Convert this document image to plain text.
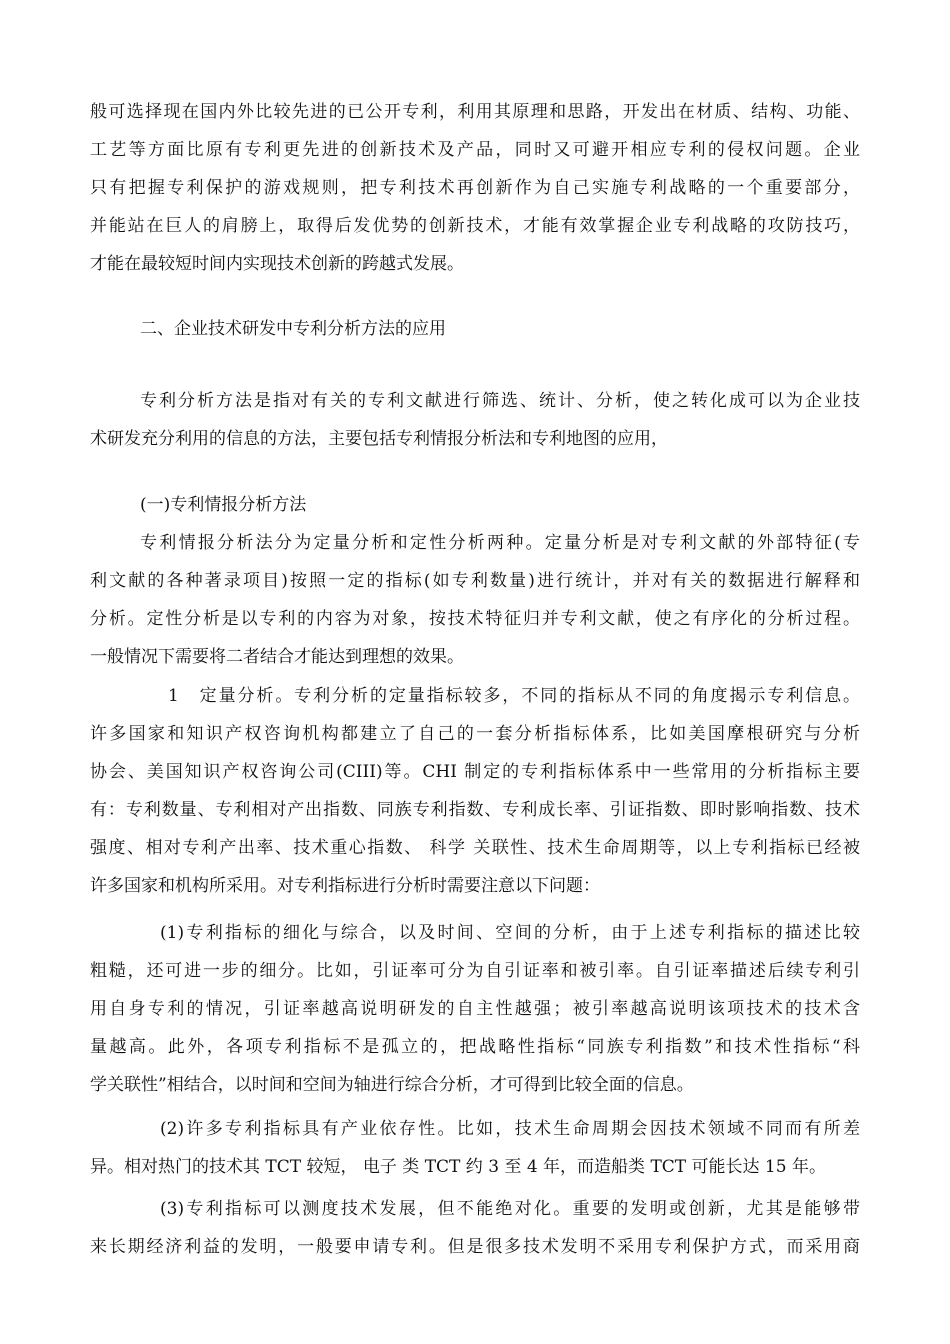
般可选择现在国内外比较先进的已公开专利，利用其原理和思路，开发出在材质、结构、功能、
工艺等方面比原有专利更先进的创新技术及产品，同时又可避开相应专利的侵权问题。企业
只有把握专利保护的游戏规则，把专利技术再创新作为自己实施专利战略的一个重要部分，
并能站在巨人的肩膀上，取得后发优势的创新技术，才能有效掌握企业专利战略的攻防技巧，
才能在最较短时间内实现技术创新的跨越式发展。
二、企业技术研发中专利分析方法的应用
专利分析方法是指对有关的专利文献进行筛选、统计、分析，使之转化成可以为企业技
术研发充分利用的信息的方法，主要包括专利情报分析法和专利地图的应用，
(一)专利情报分析方法
专利情报分析法分为定量分析和定性分析两种。定量分析是对专利文献的外部特征(专
利文献的各种著录项目)按照一定的指标(如专利数量)进行统计，并对有关的数据进行解释和
分析。定性分析是以专利的内容为对象，按技术特征归并专利文献，使之有序化的分析过程。
一般情况下需要将二者结合才能达到理想的效果。
1　定量分析。专利分析的定量指标较多，不同的指标从不同的角度揭示专利信息。
许多国家和知识产权咨询机构都建立了自己的一套分析指标体系，比如美国摩根研究与分析
协会、美国知识产权咨询公司(CIII)等。CHI 制定的专利指标体系中一些常用的分析指标主要
有：专利数量、专利相对产出指数、同族专利指数、专利成长率、引证指数、即时影响指数、技术
强度、相对专利产出率、技术重心指数、 科学 关联性、技术生命周期等，以上专利指标已经被
许多国家和机构所采用。对专利指标进行分析时需要注意以下问题：
(1)专利指标的细化与综合，以及时间、空间的分析，由于上述专利指标的描述比较
粗糙，还可进一步的细分。比如，引证率可分为自引证率和被引率。自引证率描述后续专利引
用自身专利的情况，引证率越高说明研发的自主性越强；被引率越高说明该项技术的技术含
量越高。此外，各项专利指标不是孤立的，把战略性指标“同族专利指数”和技术性指标“科
学关联性”相结合，以时间和空间为轴进行综合分析，才可得到比较全面的信息。
(2)许多专利指标具有产业依存性。比如，技术生命周期会因技术领域不同而有所差
异。相对热门的技术其 TCT 较短， 电子 类 TCT 约 3 至 4 年，而造船类 TCT 可能长达 15 年。
(3)专利指标可以测度技术发展，但不能绝对化。重要的发明或创新，尤其是能够带
来长期经济利益的发明，一般要申请专利。但是很多技术发明不采用专利保护方式，而采用商
